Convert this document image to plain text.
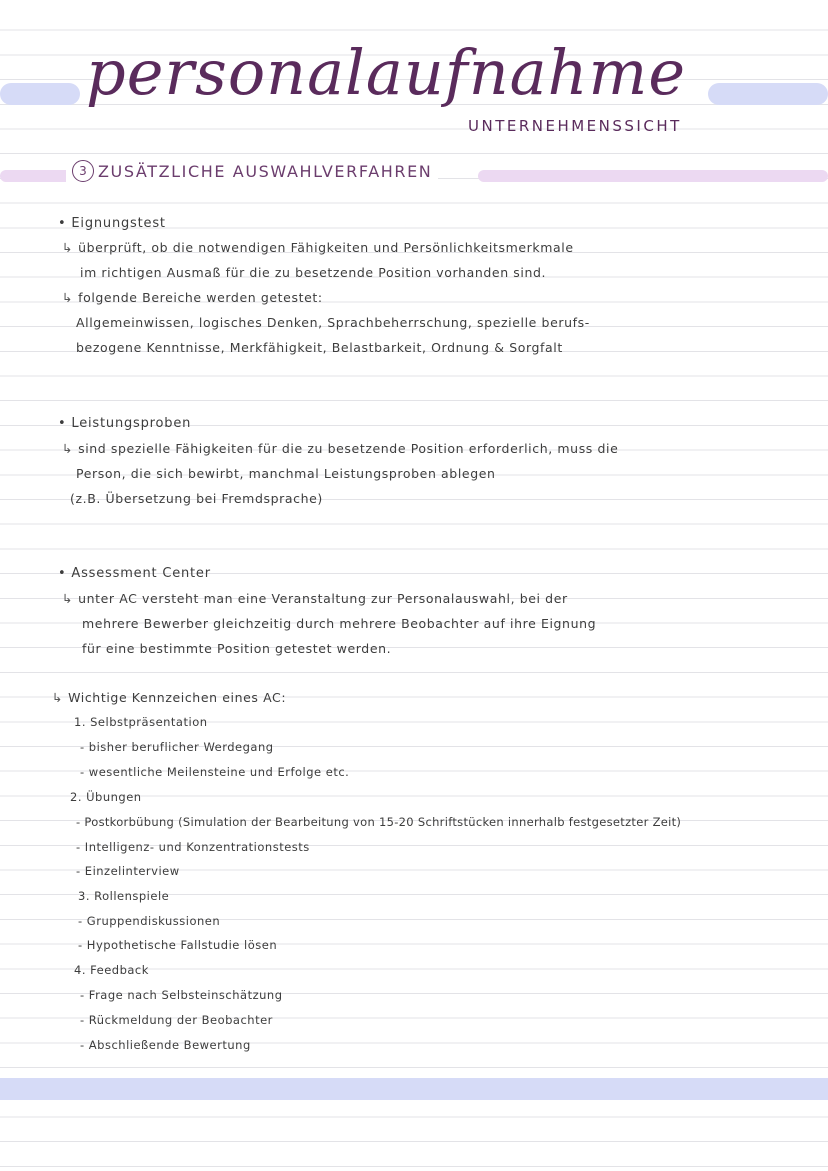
personalaufnahme
UNTERNEHMENSSICHT
3 ZUSÄTZLICHE AUSWAHLVERFAHREN
• Eignungstest
↳ überprüft, ob die notwendigen Fähigkeiten und Persönlichkeitsmerkmale
im richtigen Ausmaß für die zu besetzende Position vorhanden sind.
↳ folgende Bereiche werden getestet:
Allgemeinwissen, logisches Denken, Sprachbeherrschung, spezielle berufs-
bezogene Kenntnisse, Merkfähigkeit, Belastbarkeit, Ordnung & Sorgfalt
• Leistungsproben
↳ sind spezielle Fähigkeiten für die zu besetzende Position erforderlich, muss die
Person, die sich bewirbt, manchmal Leistungsproben ablegen
(z.B. Übersetzung bei Fremdsprache)
• Assessment Center
↳ unter AC versteht man eine Veranstaltung zur Personalauswahl, bei der
mehrere Bewerber gleichzeitig durch mehrere Beobachter auf ihre Eignung
für eine bestimmte Position getestet werden.
↳ Wichtige Kennzeichen eines AC:
1. Selbstpräsentation
- bisher beruflicher Werdegang
- wesentliche Meilensteine und Erfolge etc.
2. Übungen
- Postkorbübung (Simulation der Bearbeitung von 15-20 Schriftstücken innerhalb festgesetzter Zeit)
- Intelligenz- und Konzentrationstests
- Einzelinterview
3. Rollenspiele
- Gruppendiskussionen
- Hypothetische Fallstudie lösen
4. Feedback
- Frage nach Selbsteinschätzung
- Rückmeldung der Beobachter
- Abschließende Bewertung
